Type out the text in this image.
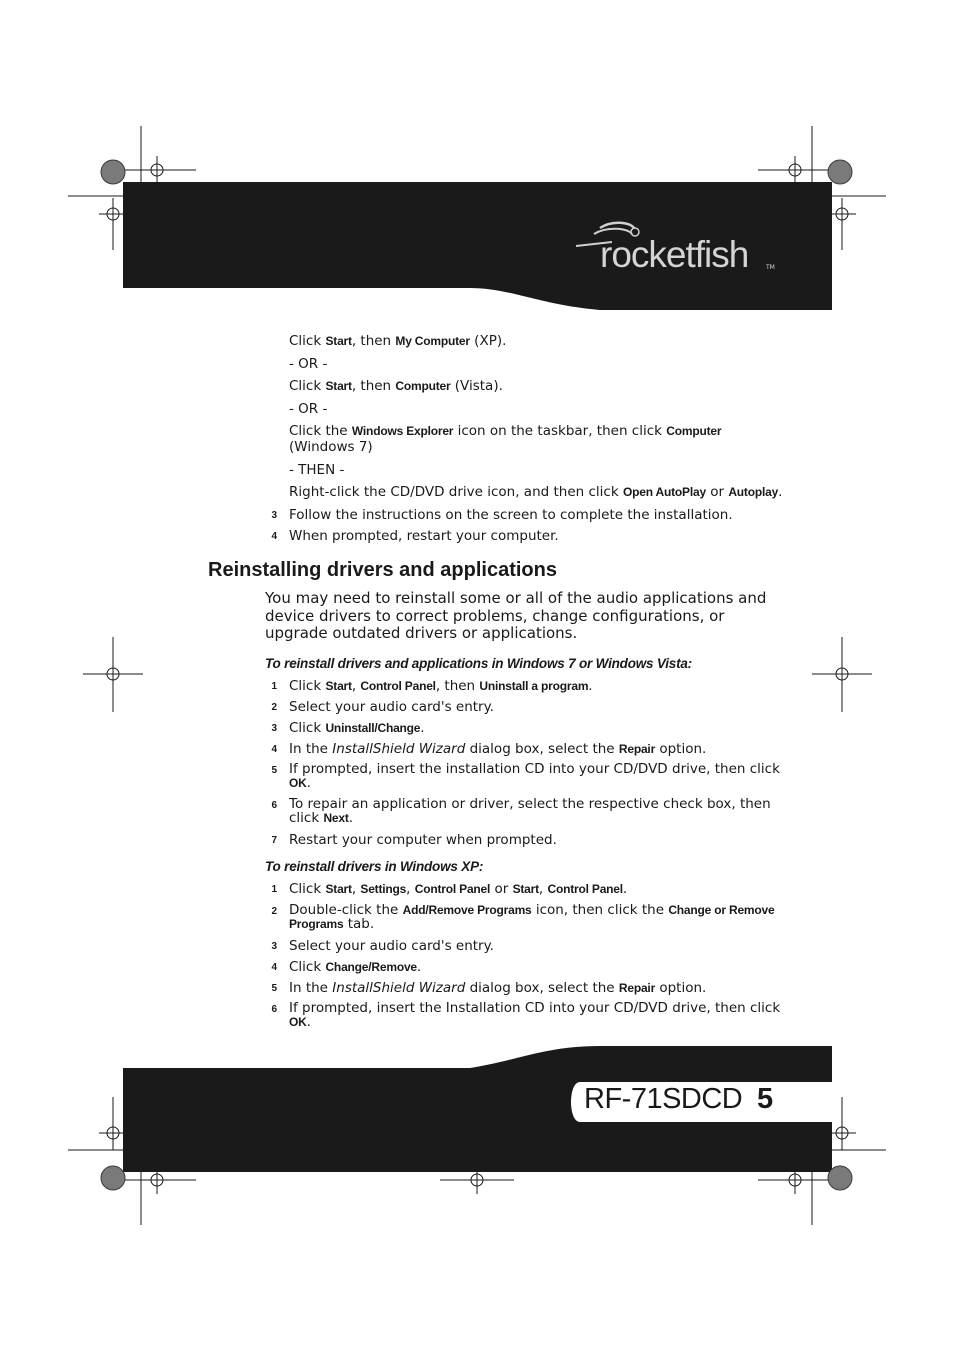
rocketfish	TM
RF-71SDCD 5
Click Start, then My Computer (XP).
- OR -
Click Start, then Computer (Vista).
- OR -
Click the Windows Explorer icon on the taskbar, then click Computer
(Windows 7)
- THEN -
Right-click the CD/DVD drive icon, and then click Open AutoPlay or Autoplay.
3 Follow the instructions on the screen to complete the installation.
4 When prompted, restart your computer.
Reinstalling drivers and applications
You may need to reinstall some or all of the audio applications and
device drivers to correct problems, change configurations, or
upgrade outdated drivers or applications.
To reinstall drivers and applications in Windows 7 or Windows Vista:
1 Click Start, Control Panel, then Uninstall a program.
2 Select your audio card's entry.
3 Click Uninstall/Change.
4 In the InstallShield Wizard dialog box, select the Repair option.
5 If prompted, insert the installation CD into your CD/DVD drive, then click
OK.
6 To repair an application or driver, select the respective check box, then
click Next.
7 Restart your computer when prompted.
To reinstall drivers in Windows XP:
1 Click Start, Settings, Control Panel or Start, Control Panel.
2 Double-click the Add/Remove Programs icon, then click the Change or Remove
Programs tab.
3 Select your audio card's entry.
4 Click Change/Remove.
5 In the InstallShield Wizard dialog box, select the Repair option.
6 If prompted, insert the Installation CD into your CD/DVD drive, then click
OK.
